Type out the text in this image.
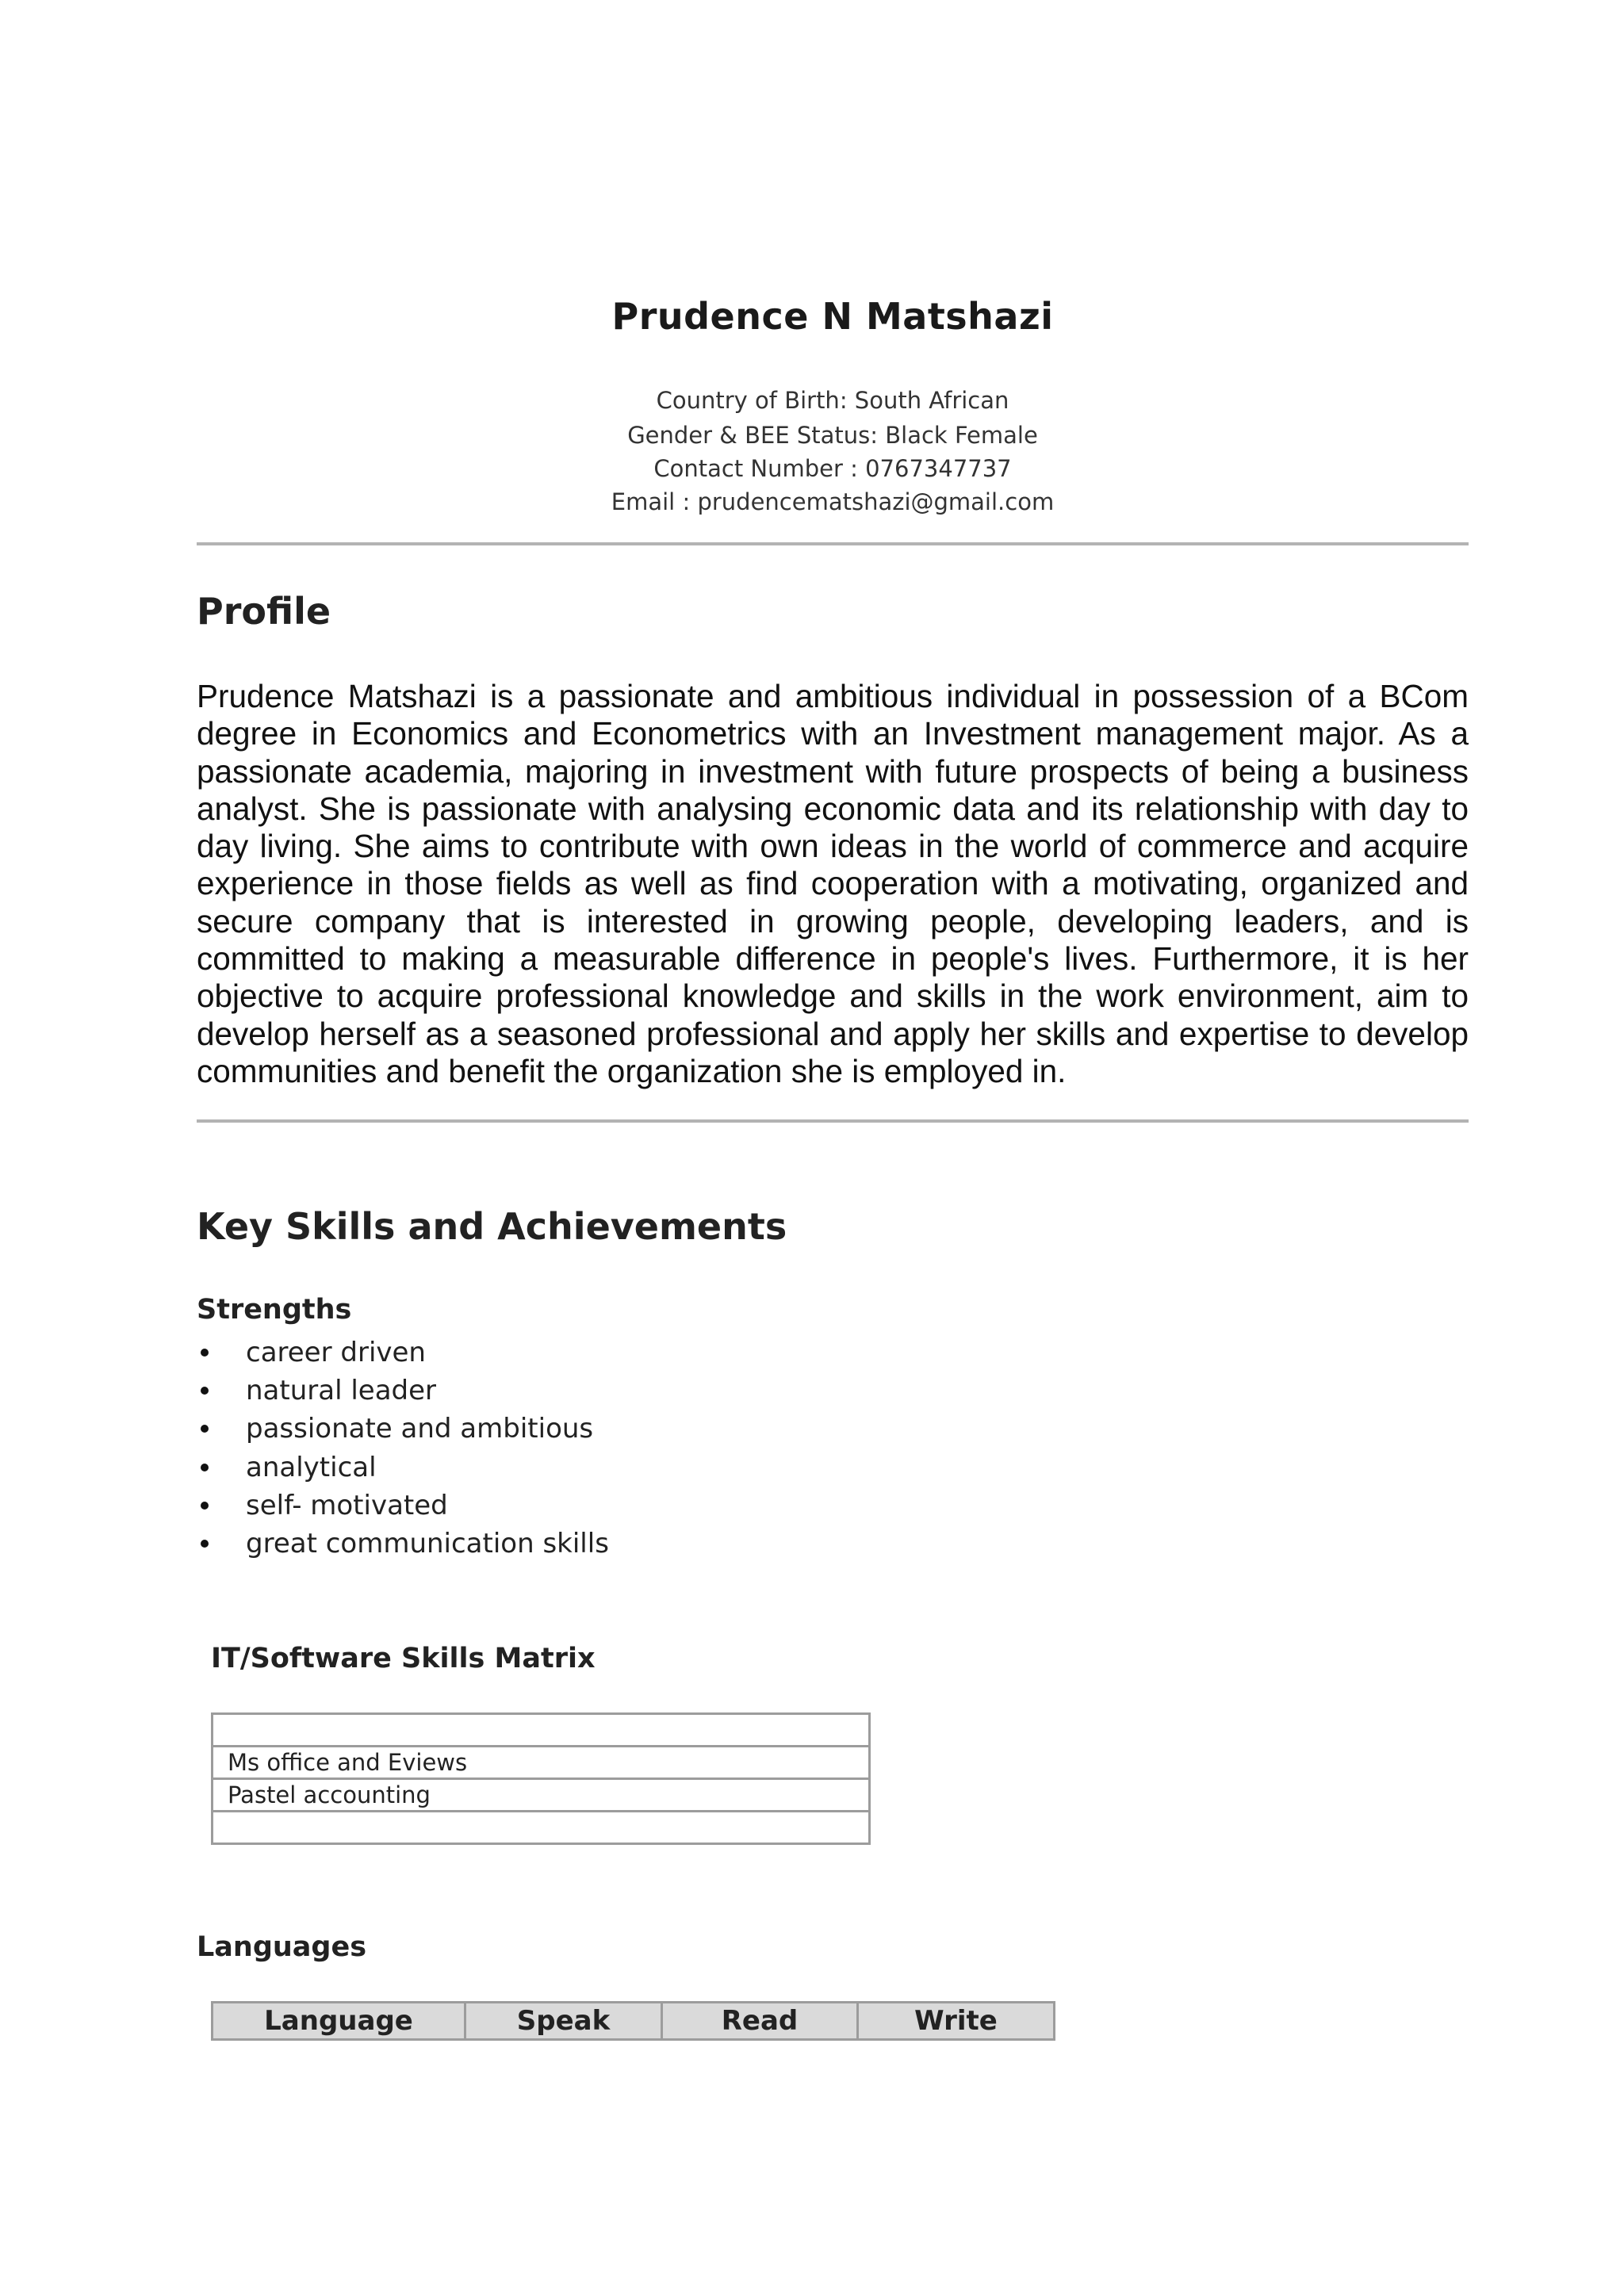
Prudence N Matshazi
Country of Birth: South African
Gender & BEE Status: Black Female
Contact Number : 0767347737
Email : prudencematshazi@gmail.com
Profile
Prudence Matshazi is a passionate and ambitious individual in possession of a BCom degree in Economics and Econometrics with an Investment management major. As a passionate academia, majoring in investment with future prospects of being a business analyst. She is passionate with analysing economic data and its relationship with day to day living. She aims to contribute with own ideas in the world of commerce and acquire experience in those fields as well as find cooperation with a motivating, organized and secure company that is interested in growing people, developing leaders, and is committed to making a measurable difference in people's lives. Furthermore, it is her objective to acquire professional knowledge and skills in the work environment, aim to develop herself as a seasoned professional and apply her skills and expertise to develop communities and benefit the organization she is employed in.
Key Skills and Achievements
Strengths
career driven
natural leader
passionate and ambitious
analytical
self- motivated
great communication skills
IT/Software Skills Matrix

Ms office and Eviews
Pastel accounting

Languages
Language	Speak	Read	Write
